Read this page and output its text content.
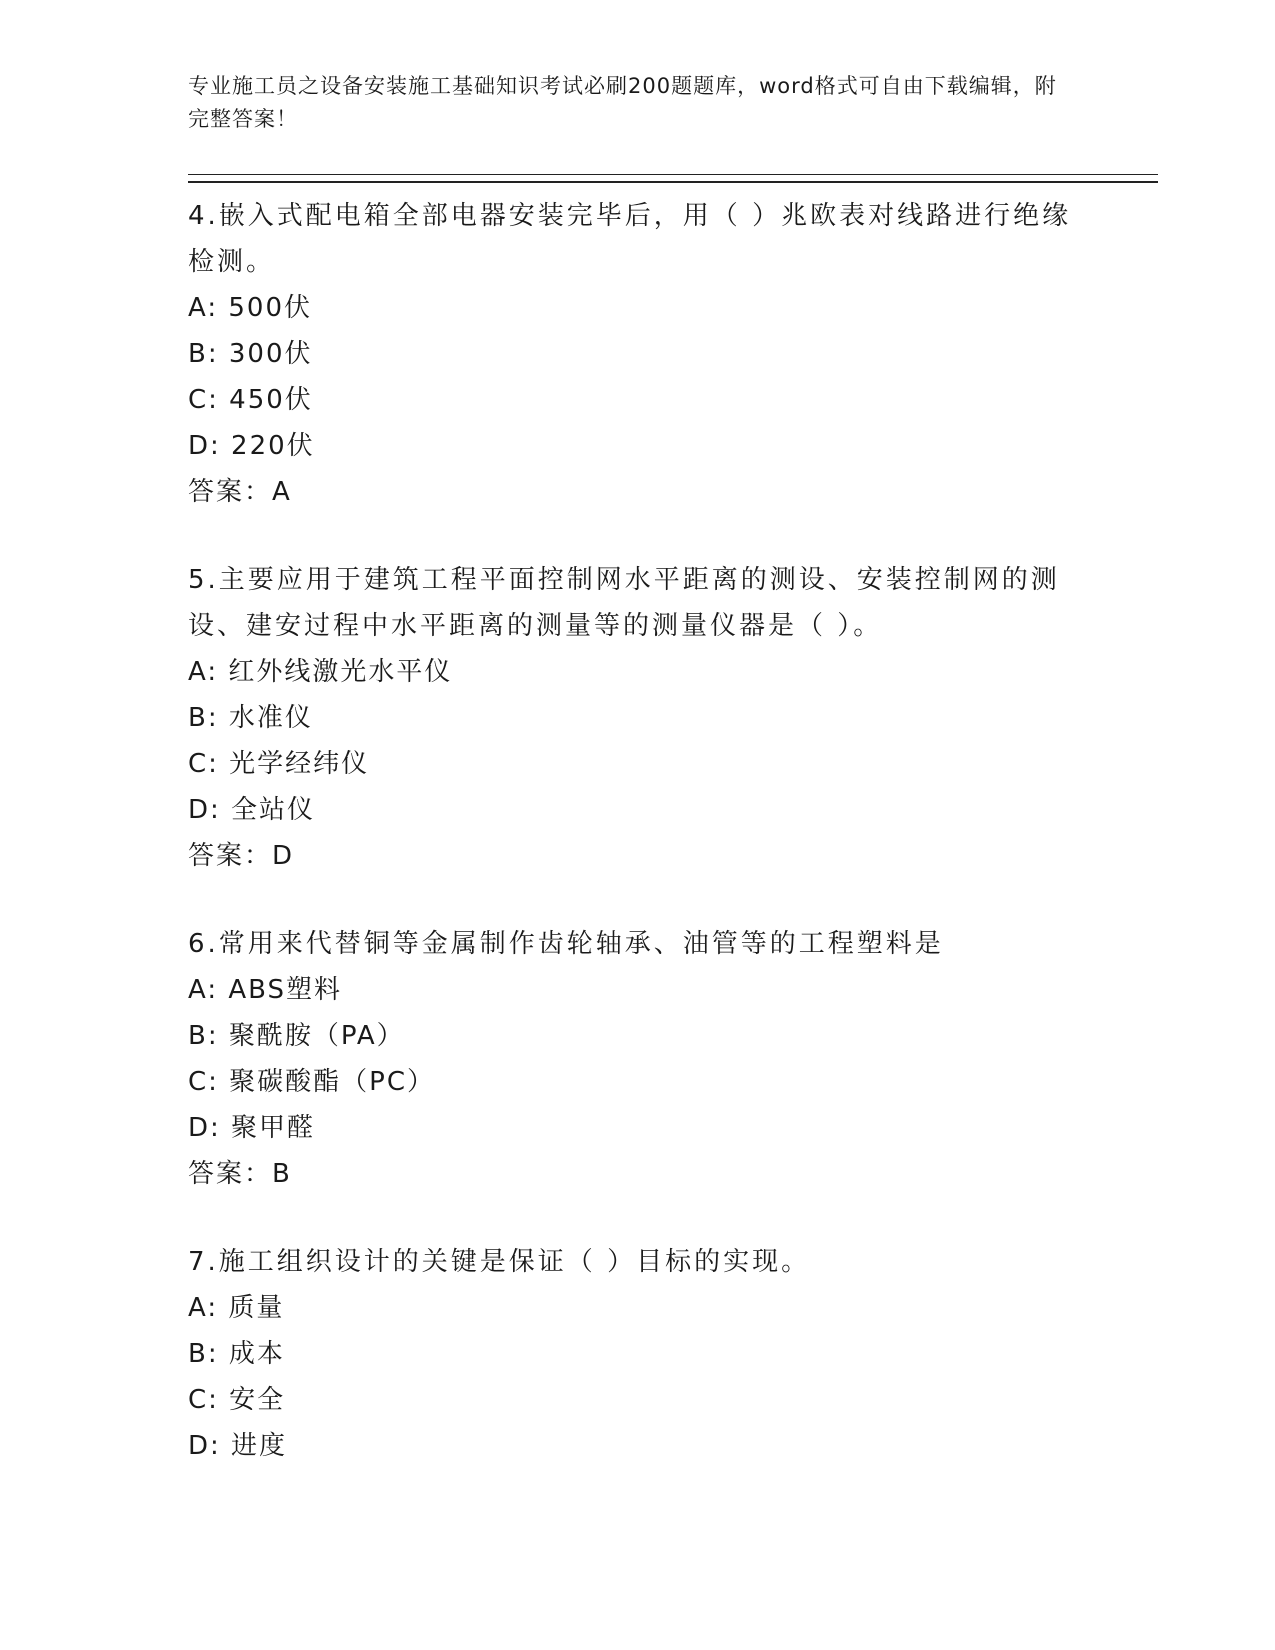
专业施工员之设备安装施工基础知识考试必刷200题题库，word格式可自由下载编辑，附完整答案！

4.嵌入式配电箱全部电器安装完毕后，用（ ）兆欧表对线路进行绝缘检测。

A: 500伏

B: 300伏

C: 450伏

D: 220伏

答案：A

5.主要应用于建筑工程平面控制网水平距离的测设、安装控制网的测设、建安过程中水平距离的测量等的测量仪器是（ ）。

A: 红外线激光水平仪

B: 水准仪

C: 光学经纬仪

D: 全站仪

答案：D

6.常用来代替铜等金属制作齿轮轴承、油管等的工程塑料是

A: ABS塑料

B: 聚酰胺（PA）

C: 聚碳酸酯（PC）

D: 聚甲醛

答案：B

7.施工组织设计的关键是保证（ ）目标的实现。

A: 质量

B: 成本

C: 安全

D: 进度
